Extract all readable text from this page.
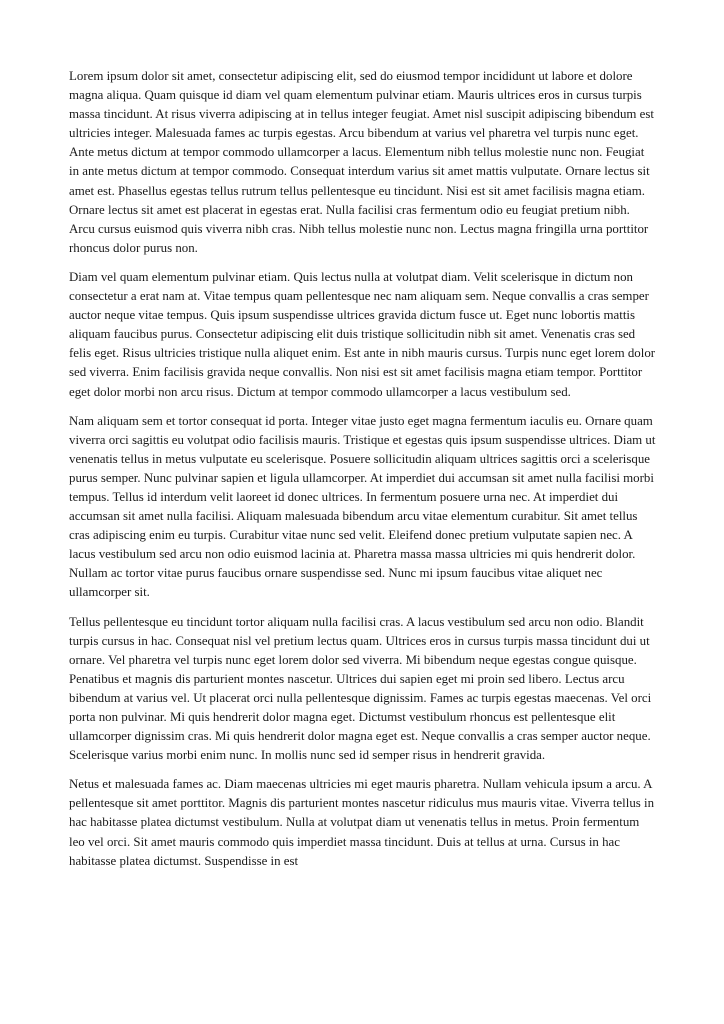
Lorem ipsum dolor sit amet, consectetur adipiscing elit, sed do eiusmod tempor incididunt ut labore et dolore magna aliqua. Quam quisque id diam vel quam elementum pulvinar etiam. Mauris ultrices eros in cursus turpis massa tincidunt. At risus viverra adipiscing at in tellus integer feugiat. Amet nisl suscipit adipiscing bibendum est ultricies integer. Malesuada fames ac turpis egestas. Arcu bibendum at varius vel pharetra vel turpis nunc eget. Ante metus dictum at tempor commodo ullamcorper a lacus. Elementum nibh tellus molestie nunc non. Feugiat in ante metus dictum at tempor commodo. Consequat interdum varius sit amet mattis vulputate. Ornare lectus sit amet est. Phasellus egestas tellus rutrum tellus pellentesque eu tincidunt. Nisi est sit amet facilisis magna etiam. Ornare lectus sit amet est placerat in egestas erat. Nulla facilisi cras fermentum odio eu feugiat pretium nibh. Arcu cursus euismod quis viverra nibh cras. Nibh tellus molestie nunc non. Lectus magna fringilla urna porttitor rhoncus dolor purus non.

Diam vel quam elementum pulvinar etiam. Quis lectus nulla at volutpat diam. Velit scelerisque in dictum non consectetur a erat nam at. Vitae tempus quam pellentesque nec nam aliquam sem. Neque convallis a cras semper auctor neque vitae tempus. Quis ipsum suspendisse ultrices gravida dictum fusce ut. Eget nunc lobortis mattis aliquam faucibus purus. Consectetur adipiscing elit duis tristique sollicitudin nibh sit amet. Venenatis cras sed felis eget. Risus ultricies tristique nulla aliquet enim. Est ante in nibh mauris cursus. Turpis nunc eget lorem dolor sed viverra. Enim facilisis gravida neque convallis. Non nisi est sit amet facilisis magna etiam tempor. Porttitor eget dolor morbi non arcu risus. Dictum at tempor commodo ullamcorper a lacus vestibulum sed.

Nam aliquam sem et tortor consequat id porta. Integer vitae justo eget magna fermentum iaculis eu. Ornare quam viverra orci sagittis eu volutpat odio facilisis mauris. Tristique et egestas quis ipsum suspendisse ultrices. Diam ut venenatis tellus in metus vulputate eu scelerisque. Posuere sollicitudin aliquam ultrices sagittis orci a scelerisque purus semper. Nunc pulvinar sapien et ligula ullamcorper. At imperdiet dui accumsan sit amet nulla facilisi morbi tempus. Tellus id interdum velit laoreet id donec ultrices. In fermentum posuere urna nec. At imperdiet dui accumsan sit amet nulla facilisi. Aliquam malesuada bibendum arcu vitae elementum curabitur. Sit amet tellus cras adipiscing enim eu turpis. Curabitur vitae nunc sed velit. Eleifend donec pretium vulputate sapien nec. A lacus vestibulum sed arcu non odio euismod lacinia at. Pharetra massa massa ultricies mi quis hendrerit dolor. Nullam ac tortor vitae purus faucibus ornare suspendisse sed. Nunc mi ipsum faucibus vitae aliquet nec ullamcorper sit.

Tellus pellentesque eu tincidunt tortor aliquam nulla facilisi cras. A lacus vestibulum sed arcu non odio. Blandit turpis cursus in hac. Consequat nisl vel pretium lectus quam. Ultrices eros in cursus turpis massa tincidunt dui ut ornare. Vel pharetra vel turpis nunc eget lorem dolor sed viverra. Mi bibendum neque egestas congue quisque. Penatibus et magnis dis parturient montes nascetur. Ultrices dui sapien eget mi proin sed libero. Lectus arcu bibendum at varius vel. Ut placerat orci nulla pellentesque dignissim. Fames ac turpis egestas maecenas. Vel orci porta non pulvinar. Mi quis hendrerit dolor magna eget. Dictumst vestibulum rhoncus est pellentesque elit ullamcorper dignissim cras. Mi quis hendrerit dolor magna eget est. Neque convallis a cras semper auctor neque. Scelerisque varius morbi enim nunc. In mollis nunc sed id semper risus in hendrerit gravida.

Netus et malesuada fames ac. Diam maecenas ultricies mi eget mauris pharetra. Nullam vehicula ipsum a arcu. A pellentesque sit amet porttitor. Magnis dis parturient montes nascetur ridiculus mus mauris vitae. Viverra tellus in hac habitasse platea dictumst vestibulum. Nulla at volutpat diam ut venenatis tellus in metus. Proin fermentum leo vel orci. Sit amet mauris commodo quis imperdiet massa tincidunt. Duis at tellus at urna. Cursus in hac habitasse platea dictumst. Suspendisse in est
